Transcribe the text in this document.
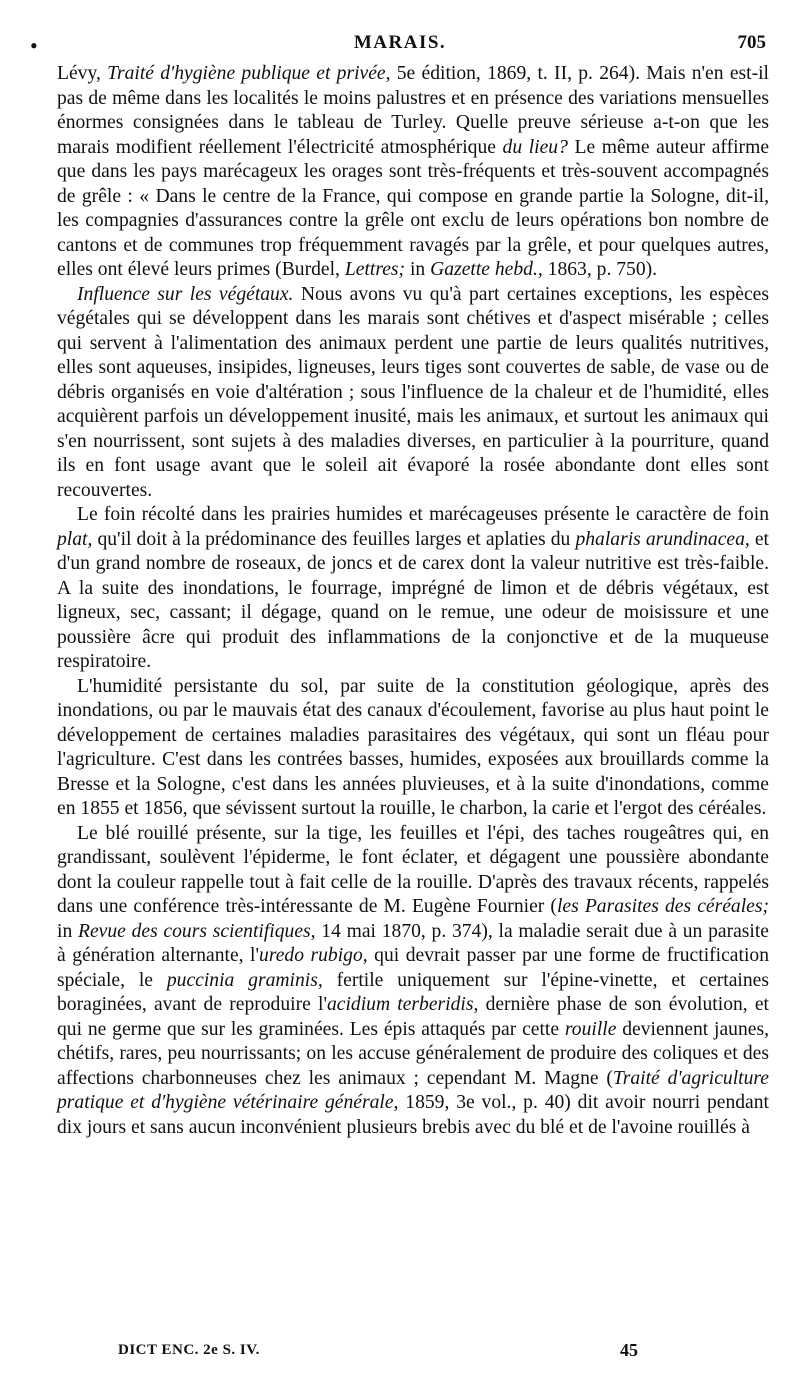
•	MARAIS.	705

Lévy, Traité d'hygiène publique et privée, 5e édition, 1869, t. II, p. 264). Mais n'en est-il pas de même dans les localités le moins palustres et en présence des variations mensuelles énormes consignées dans le tableau de Turley. Quelle preuve sérieuse a-t-on que les marais modifient réellement l'électricité atmosphérique du lieu? Le même auteur affirme que dans les pays marécageux les orages sont très-fréquents et très-souvent accompagnés de grêle : « Dans le centre de la France, qui compose en grande partie la Sologne, dit-il, les compagnies d'assurances contre la grêle ont exclu de leurs opérations bon nombre de cantons et de communes trop fréquemment ravagés par la grêle, et pour quelques autres, elles ont élevé leurs primes (Burdel, Lettres; in Gazette hebd., 1863, p. 750).

Influence sur les végétaux. Nous avons vu qu'à part certaines exceptions, les espèces végétales qui se développent dans les marais sont chétives et d'aspect misérable ; celles qui servent à l'alimentation des animaux perdent une partie de leurs qualités nutritives, elles sont aqueuses, insipides, ligneuses, leurs tiges sont couvertes de sable, de vase ou de débris organisés en voie d'altération ; sous l'influence de la chaleur et de l'humidité, elles acquièrent parfois un développement inusité, mais les animaux, et surtout les animaux qui s'en nourrissent, sont sujets à des maladies diverses, en particulier à la pourriture, quand ils en font usage avant que le soleil ait évaporé la rosée abondante dont elles sont recouvertes.

Le foin récolté dans les prairies humides et marécageuses présente le caractère de foin plat, qu'il doit à la prédominance des feuilles larges et aplaties du phalaris arundinacea, et d'un grand nombre de roseaux, de joncs et de carex dont la valeur nutritive est très-faible. A la suite des inondations, le fourrage, imprégné de limon et de débris végétaux, est ligneux, sec, cassant; il dégage, quand on le remue, une odeur de moisissure et une poussière âcre qui produit des inflammations de la conjonctive et de la muqueuse respiratoire.

L'humidité persistante du sol, par suite de la constitution géologique, après des inondations, ou par le mauvais état des canaux d'écoulement, favorise au plus haut point le développement de certaines maladies parasitaires des végétaux, qui sont un fléau pour l'agriculture. C'est dans les contrées basses, humides, exposées aux brouillards comme la Bresse et la Sologne, c'est dans les années pluvieuses, et à la suite d'inondations, comme en 1855 et 1856, que sévissent surtout la rouille, le charbon, la carie et l'ergot des céréales.

Le blé rouillé présente, sur la tige, les feuilles et l'épi, des taches rougeâtres qui, en grandissant, soulèvent l'épiderme, le font éclater, et dégagent une poussière abondante dont la couleur rappelle tout à fait celle de la rouille. D'après des travaux récents, rappelés dans une conférence très-intéressante de M. Eugène Fournier (les Parasites des céréales; in Revue des cours scientifiques, 14 mai 1870, p. 374), la maladie serait due à un parasite à génération alternante, l'uredo rubigo, qui devrait passer par une forme de fructification spéciale, le puccinia graminis, fertile uniquement sur l'épine-vinette, et certaines boraginées, avant de reproduire l'acidium terberidis, dernière phase de son évolution, et qui ne germe que sur les graminées. Les épis attaqués par cette rouille deviennent jaunes, chétifs, rares, peu nourrissants; on les accuse généralement de produire des coliques et des affections charbonneuses chez les animaux ; cependant M. Magne (Traité d'agriculture pratique et d'hygiène vétérinaire générale, 1859, 3e vol., p. 40) dit avoir nourri pendant dix jours et sans aucun inconvénient plusieurs brebis avec du blé et de l'avoine rouillés à

DICT ENC. 2e S. IV.	45
